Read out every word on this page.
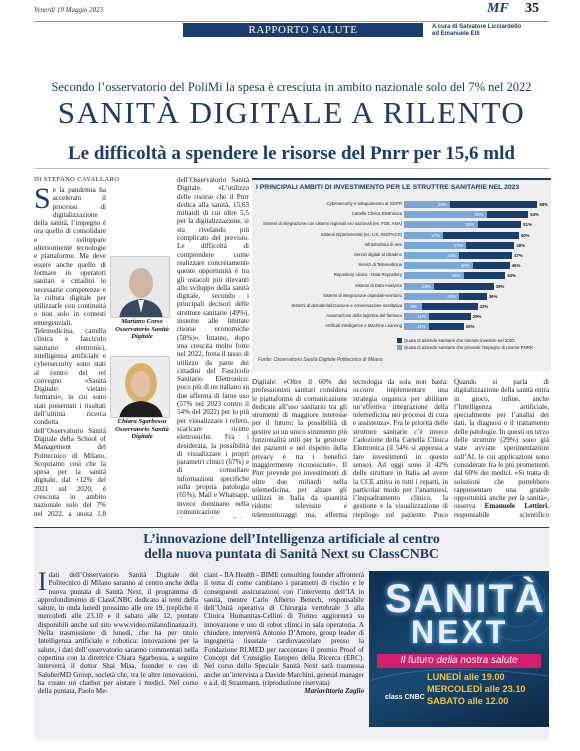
Venerdì 19 Maggio 2023	MF 35
RAPPORTO SALUTE	A cura di Salvatore Licciardello
ed Emanuele Elli
Secondo l’osservatorio del PoliMi la spesa è cresciuta in ambito nazionale solo del 7% nel 2022
SANITÀ DIGITALE A RILENTO
Le difficoltà a spendere le risorse del Pnrr per 15,6 mld
DI STEFANO CAVALLARO
Se la pandemia ha accelerato il processo di digitalizzazione della sanità, l’impegno è ora quello di consolidare e sviluppare ulteriormente tecnologie e piattaforme. Ma deve essere anche quello di formare in operatori sanitari e cittadini le necessarie competenze e la cultura digitale per utilizzarle con continuità e non solo in contesti emergenziali. Telemedicina, cartella clinica e fascicolo sanitario elettronici, intelligenza artificiale e cybersecurity sono stati al centro dei rel convegno «Sanità Digitale: vietato fermarsi», in cui sono stati presentati i risultati dell’ultima ricerca condotta dell’Osservatorio Sanità Digitale della School of Management del Politecnico di Milano. Scopriamo così che la spesa per la sanità digitale, dal +12% del 2021 sul 2020, è cresciuta in ambito nazionale solo del 7% nel 2022, a quota 1,8
Mariano Corso Osservatorio Sanità Digitale
Chiara Sgarbossa Osservatorio Sanità Digitale
dell’Osservatorio Sanità Digitale. «L’utilizzo delle risorse che il Pnrr dedica alla sanità, 15,63 miliardi di cui oltre 5,5 per la digitalizzazione, si sta rivelando più complicato del previsto. Le difficoltà di comprendere come realizzare concretamente queste opportunità è tra gli ostacoli più rilevanti allo sviluppo della sanità digitale, secondo i principali decisori delle strutture sanitarie (49%), insieme alle limitate risorse economiche (58%)». Intanto, dopo una crescita molto forte nel 2022, frena il tasso di utilizzo da parte dei cittadini del Fascicolo Sanitario Elettronico: poco più di un italiano su due afferma di farne uso (57% nel 2023 contro il 54% del 2022) per lo più per visualizzare i referti, scaricare ricette elettroniche. Fra i desiderata, la possibilità di visualizzare i propri parametri clinici (67%) e di consultare informazioni specifiche sulla propria patologia (65%). Mail e Whatsapp, invece dominano nella comunicazione
I PRINCIPALI AMBITI DI INVESTIMENTO PER LE STRUTTRE SANITARIE NEL 2023
Cybersecurity e adeguamento al GDPR	20%	58%
Cartella Clinica Elettronica	36%	54%
Sistemi di integrazione con sistemi regionali e/o nazionali (es. FSE, ANA)	32%	51%
Sistemi Dipartimentali (es. LIS, RIS/PACS)	17%	50%
Infrastruttura di rete	27%	48%
Servizi digitali al cittadino	24%	47%
Servizi di Telemedicina	30%	46%
Repository clinico - Data Repository	26%	44%
Sistemi di Data Analytics	13%	39%
Sistemi di integrazione ospedale-territorio	24%	36%
Sistemi di dematerializzazione e conservazione sostitutiva 8%	32%
Automazione della logistica del farmaco	11%	29%
Artificial Intelligence e Machine Learning	11%	26%
Quota di aziende sanitarie che intende investire nel 2023
Quota di aziende sanitarie che prevede l’impegno di risorse PNRR
Fonte: Osservatorio Sanità Digitale Politecnico di Milano
Digitale: «Oltre il 60% dei professionisti sanitari considera le piattaforme di comunicazione dedicate all’uso sanitario tra gli strumenti di maggiore interesse per il futuro: la possibilità di gestire su un unico strumento più funzionalità utili per la gestione dei pazienti e nel rispetto della privacy è tra i benefici maggiormente riconosciuti». Il Pnrr prevede poi investimenti di oltre due miliardi nella telemedicina, per alzare gli utilizzi in Italia da quantità ridotte: televisite e telemonitoraggi ma, afferma
tecnologia da sola non basta: occorre implementare una strategia organica per abilitare un’effettiva integrazione della telemedicina nei processi di cura e assistenza». Fra le priorità delle strutture sanitarie c’è invece l’adozione della Cartella Clinica Elettronica (il 54% si appresta a fare investimenti in questo senso). Ad oggi sono il 42% delle strutture in Italia ad avere la CCE attiva in tutti i reparti, in particolar modo per l’anamnesi, l’inquadramento clinico, la gestione e la visualizzazione di riepilogo sul paziente. Poco
Quando si parla di digitalizzazione della sanità entra in gioco, infine, anche l’Intelligenza artificiale, specialmente per l’analisi dei dati, la diagnosi e il trattamento delle patologie. In questi un terzo delle strutture (29%) sono già state avviate sperimentazioni sull’AI, le cui applicazioni sono considerate fra le più promettenti dal 60% dei medici. «Si tratta di soluzioni che potrebbero rappresentare una grande opportunità anche per la sanità», osserva Emanuele Lettieri, responsabile scientifico
L’innovazione dell’Intelligenza artificiale al centro
della nuova puntata di Sanità Next su ClassCNBC
Idati dell’Osservatorio Sanità Digitale del Politecnico di Milano saranno al centro anche della nuova puntata di Sanità Next, il programma di approfondimento di ClassCNBC dedicato ai temi della salute, in onda lunedì prossimo alle ore 19, (repliche il mercoledì alle 23.10 e il sabato alle 12, puntate disponibili anche sul sito www.video.milanofinanza.it). Nella trasmissione di lunedì, che ha per titolo Intelligenza artificiale e robotica: innovazione per la salute, i dati dell’osservatorio saranno commentati nella copertina con la direttrice Chiara Sgarbossa, a seguire interverrà il dottor Shai Misa, founder e ceo di SaluberMD Group, società che, tra le altre innovazioni, ha creato un chatbot per aiutare i medici. Nel corso della puntata, Paolo Me-
ciani - IIA Health - BIME consulting founder affronterà il tema di come cambiano i parametri di rischio e le conseguenti assicurazioni con l’intervento dell’IA in sanità, mentre Carlo Alberto Benech, responsabile dell’Unità operativa di Chirurgia vertebrale 3 alla Clinica Humanitas-Cellini di Torino aggiornerà su innovazione e uso di robot clinici in sala operatoria. A chiudere, interverrà Antonio D’Amore, group leader di ingegneria tissutale cardiovascolare presso la Fondazione RI.MED per raccontare il premio Proof of Concept del Consiglio Europeo della Ricerca (ERC). Nel corso dello Speciale Sanità Next sarà trasmessa anche un’intervista a Davide Marchini, general manager e a.d. di Straumann. (riproduzione riservata)
Mariavittoria Zaglio
SANITÀ
NEXT
Il futuro della nostra salute
LUNEDÌ alle 19.00
MERCOLEDÌ alle 23.10
SABATO alle 12.00
class CNBC
